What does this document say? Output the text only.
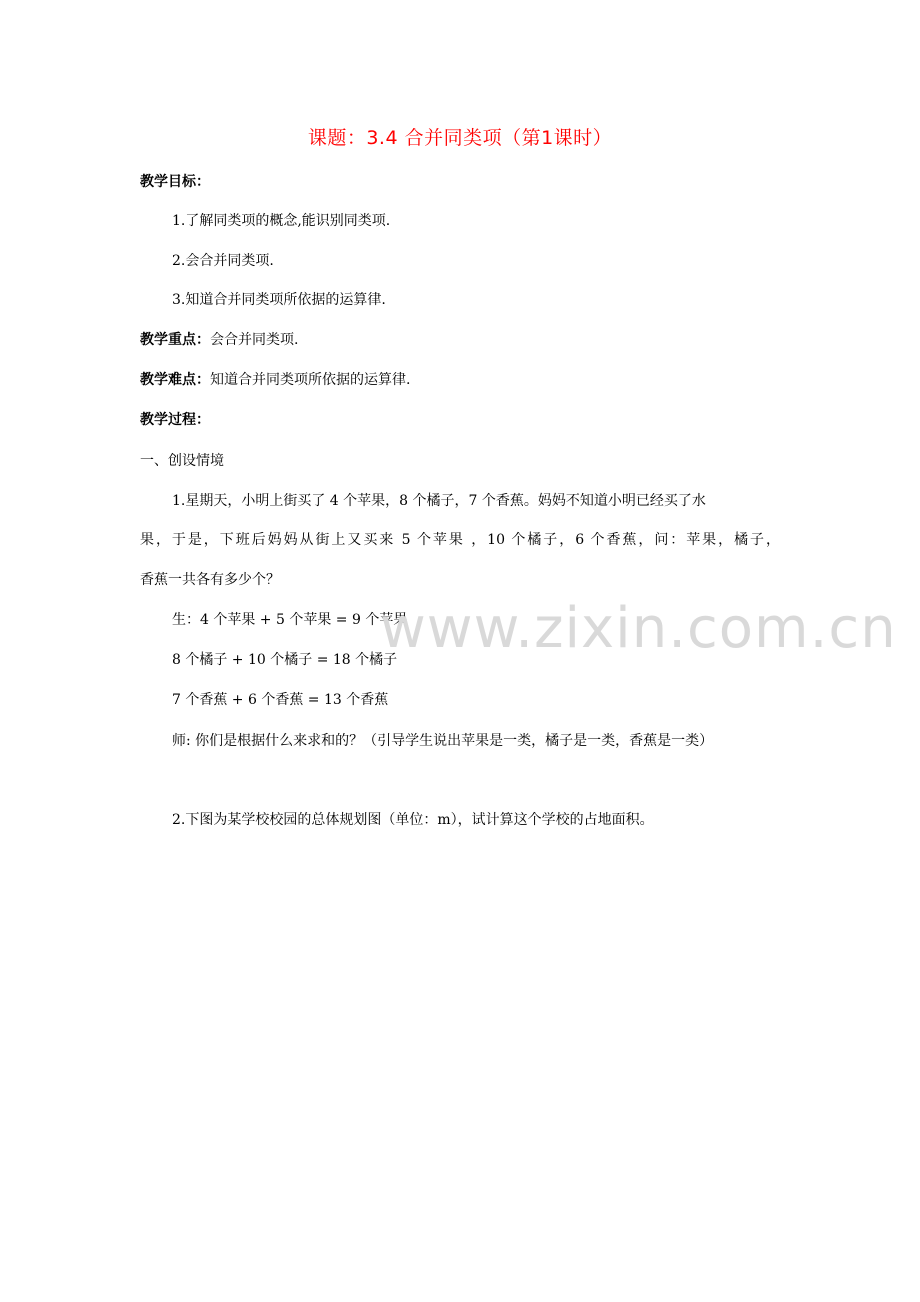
课题：3.4 合并同类项（第1课时）
教学目标：
1.了解同类项的概念,能识别同类项.
2.会合并同类项.
3.知道合并同类项所依据的运算律.
教学重点：会合并同类项.
教学难点：知道合并同类项所依据的运算律.
教学过程：
一、创设情境
1.星期天，小明上街买了 4 个苹果，8 个橘子，7 个香蕉。妈妈不知道小明已经买了水
果，于是，下班后妈妈从街上又买来 5 个苹果 ，10 个橘子，6 个香蕉，问：苹果，橘子，
香蕉一共各有多少个？
生：4 个苹果 + 5 个苹果 = 9 个苹果
8 个橘子 + 10 个橘子 = 18 个橘子
7 个香蕉 + 6 个香蕉 = 13 个香蕉
师: 你们是根据什么来求和的？（引导学生说出苹果是一类，橘子是一类，香蕉是一类）
2.下图为某学校校园的总体规划图（单位：m），试计算这个学校的占地面积。
www.zixin.com.cn
